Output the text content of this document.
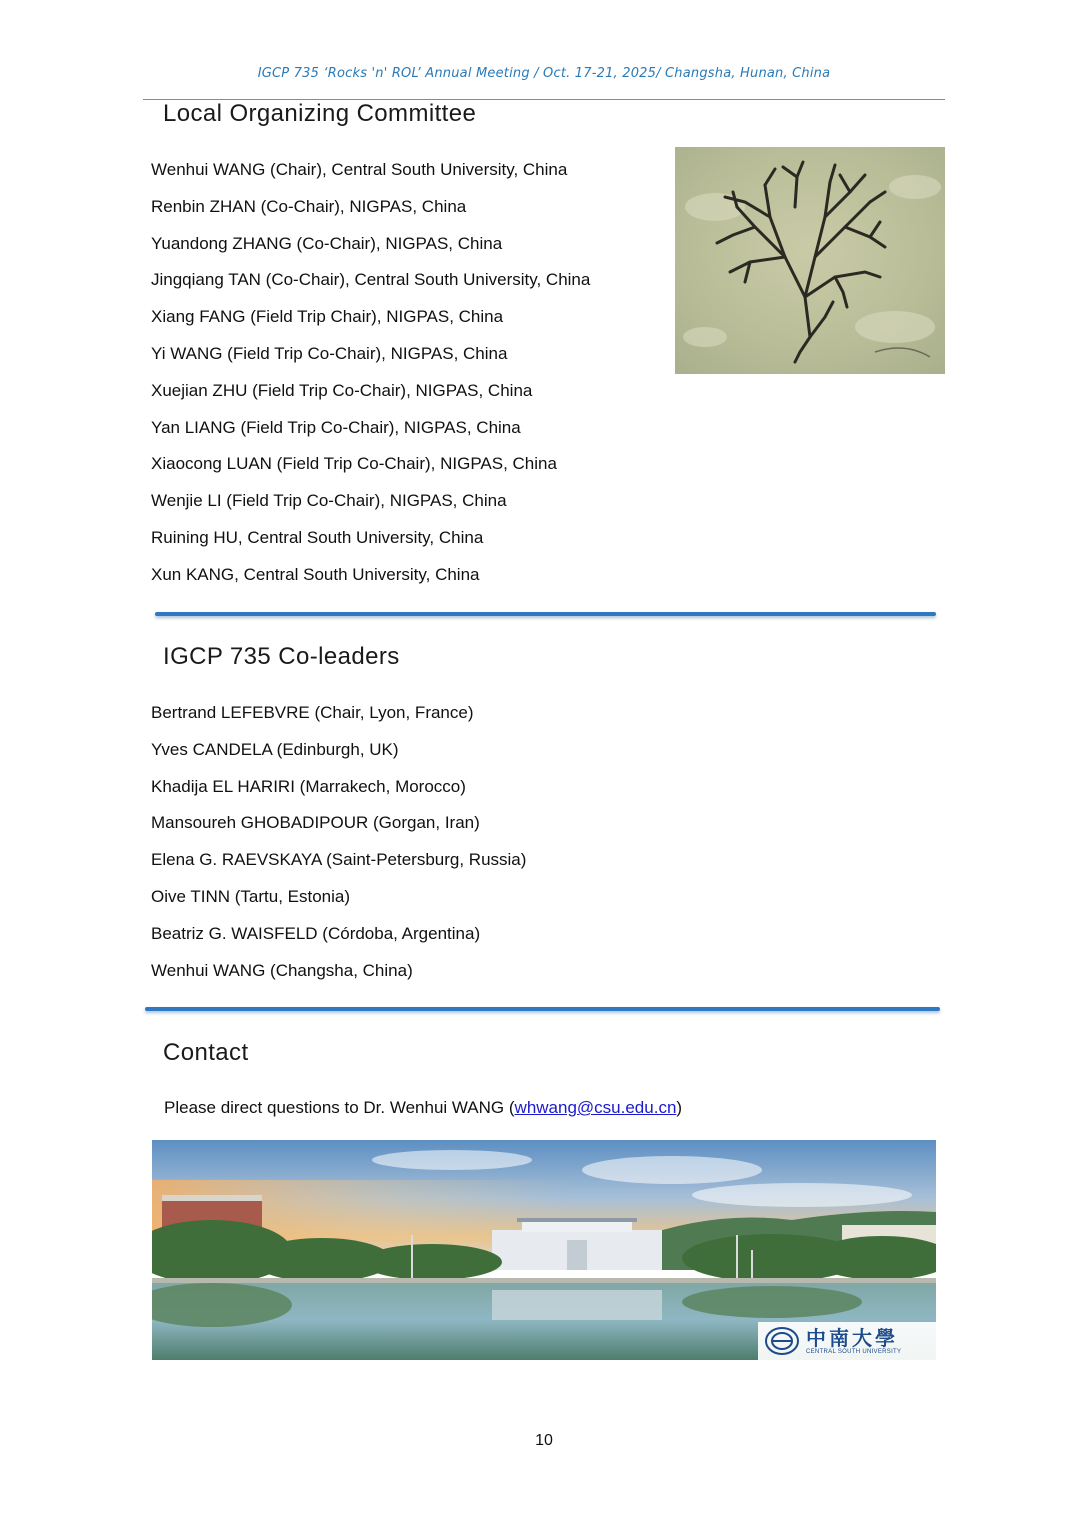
IGCP 735 ‘Rocks 'n' ROL’ Annual Meeting / Oct. 17-21, 2025/ Changsha, Hunan, China
Local Organizing Committee
Wenhui WANG (Chair), Central South University, China
Renbin ZHAN (Co-Chair), NIGPAS, China
Yuandong ZHANG (Co-Chair), NIGPAS, China
Jingqiang TAN (Co-Chair), Central South University, China
Xiang FANG (Field Trip Chair), NIGPAS, China
Yi WANG (Field Trip Co-Chair), NIGPAS, China
Xuejian ZHU (Field Trip Co-Chair), NIGPAS, China
Yan LIANG (Field Trip Co-Chair), NIGPAS, China
Xiaocong LUAN (Field Trip Co-Chair), NIGPAS, China
Wenjie LI (Field Trip Co-Chair), NIGPAS, China
Ruining HU, Central South University, China
Xun KANG, Central South University, China
IGCP 735 Co-leaders
Bertrand LEFEBVRE (Chair, Lyon, France)
Yves CANDELA (Edinburgh, UK)
Khadija EL HARIRI (Marrakech, Morocco)
Mansoureh GHOBADIPOUR (Gorgan, Iran)
Elena G. RAEVSKAYA (Saint-Petersburg, Russia)
Oive TINN (Tartu, Estonia)
Beatriz G. WAISFELD (Córdoba, Argentina)
Wenhui WANG (Changsha, China)
Contact
Please direct questions to Dr. Wenhui WANG (whwang@csu.edu.cn)
中南大學
CENTRAL SOUTH UNIVERSITY
10
